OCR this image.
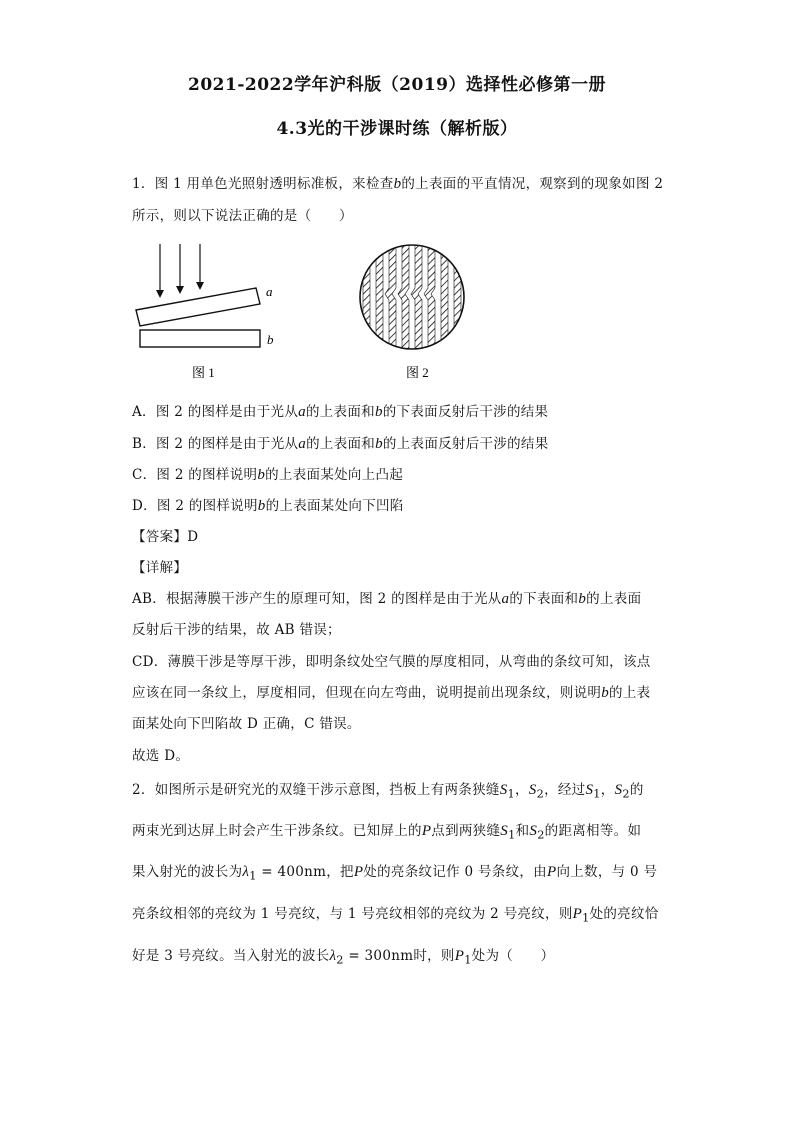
2021-2022学年沪科版（2019）选择性必修第一册
4.3光的干涉课时练（解析版）
1．图 1 用单色光照射透明标准板，来检查b的上表面的平直情况，观察到的现象如图 2
所示，则以下说法正确的是（　　）
a
b
图 1	图 2
A．图 2 的图样是由于光从a的上表面和b的下表面反射后干涉的结果
B．图 2 的图样是由于光从a的上表面和b的上表面反射后干涉的结果
C．图 2 的图样说明b的上表面某处向上凸起
D．图 2 的图样说明b的上表面某处向下凹陷
【答案】D
【详解】
AB．根据薄膜干涉产生的原理可知，图 2 的图样是由于光从a的下表面和b的上表面
反射后干涉的结果，故 AB 错误；
CD．薄膜干涉是等厚干涉，即明条纹处空气膜的厚度相同，从弯曲的条纹可知，该点
应该在同一条纹上，厚度相同，但现在向左弯曲，说明提前出现条纹，则说明b的上表
面某处向下凹陷故 D 正确，C 错误。
故选 D。
2．如图所示是研究光的双缝干涉示意图，挡板上有两条狭缝$S_1$，$S_2$，经过$S_1$，$S_2$的
两束光到达屏上时会产生干涉条纹。已知屏上的P点到两狭缝$S_1$和$S_2$的距离相等。如
果入射光的波长为$\lambda_1 = 400nm$，把P处的亮条纹记作 0 号条纹，由P向上数，与 0 号
亮条纹相邻的亮纹为 1 号亮纹，与 1 号亮纹相邻的亮纹为 2 号亮纹，则$P_1$处的亮纹恰
好是 3 号亮纹。当入射光的波长$\lambda_2 = 300nm$时，则$P_1$处为（　　）
